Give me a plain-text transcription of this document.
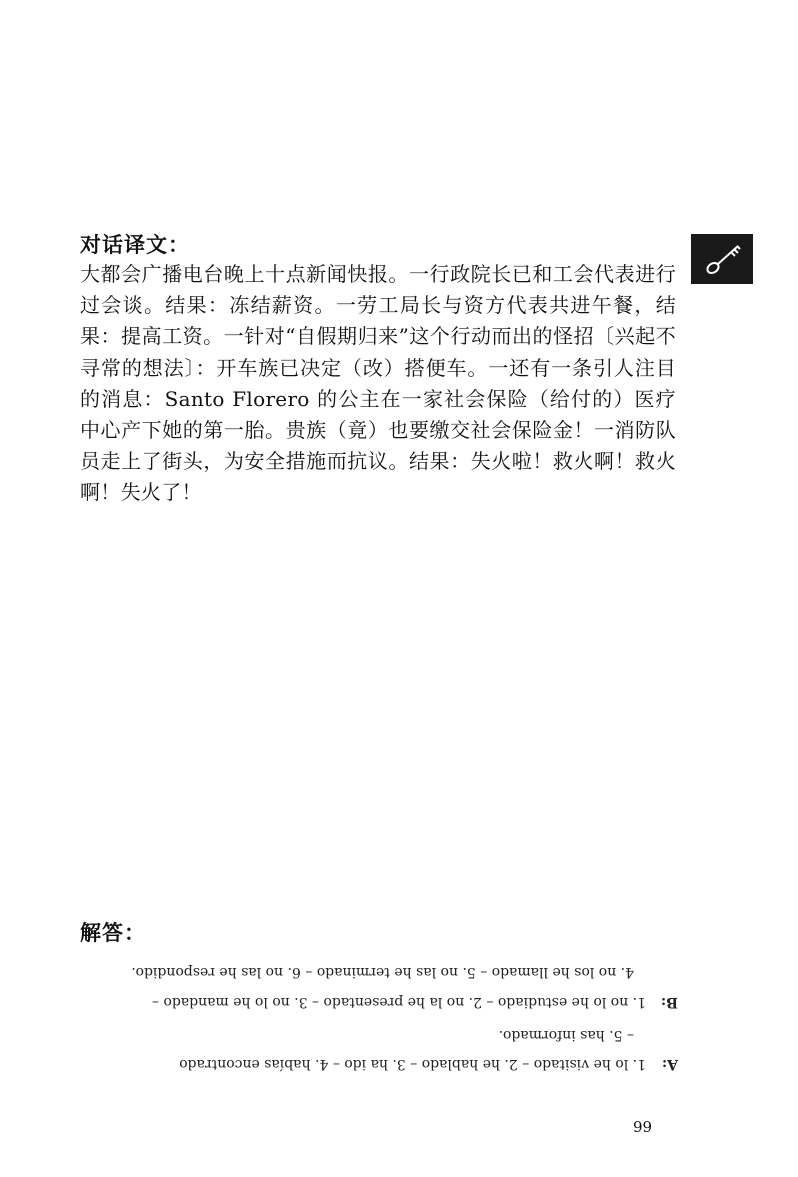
对话译文：
大都会广播电台晚上十点新闻快报。一行政院长已和工会代表进行过会谈。结果：冻结薪资。一劳工局长与资方代表共进午餐，结果：提高工资。一针对“自假期归来”这个行动而出的怪招〔兴起不寻常的想法〕：开车族已决定（改）搭便车。一还有一条引人注目的消息：Santo Florero 的公主在一家社会保险（给付的）医疗中心产下她的第一胎。贵族（竟）也要缴交社会保险金！一消防队员走上了街头，为安全措施而抗议。结果：失火啦！救火啊！救火啊！失火了！
解答：
A:1. lo he visitado – 2. he hablado – 3. ha ido – 4. habías encontrado
– 5. has informado.
B:1. no lo he estudiado – 2. no la he presentado – 3. no lo he mandado –
4. no los he llamado – 5. no las he terminado – 6. no las he respondido.
99
